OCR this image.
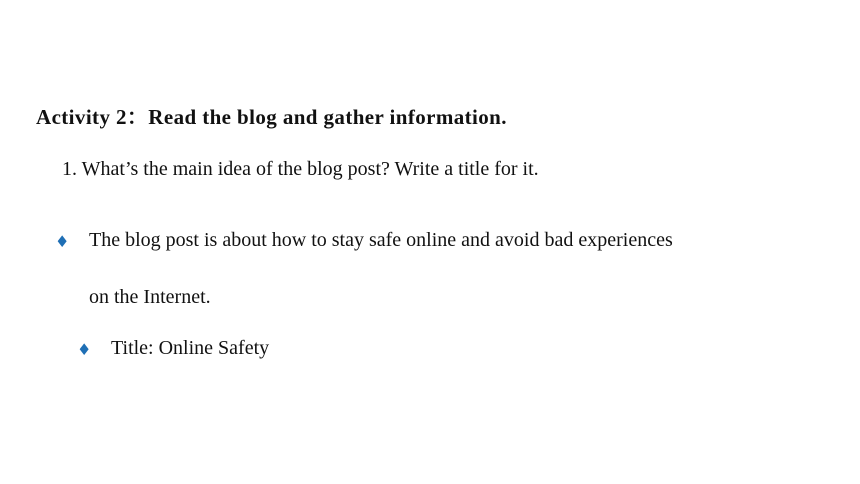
Activity 2：Read the blog and gather information.
1. What’s the main idea of the blog post? Write a title for it.
♦ The blog post is about how to stay safe online and avoid bad experiences
on the Internet.
♦ Title: Online Safety
